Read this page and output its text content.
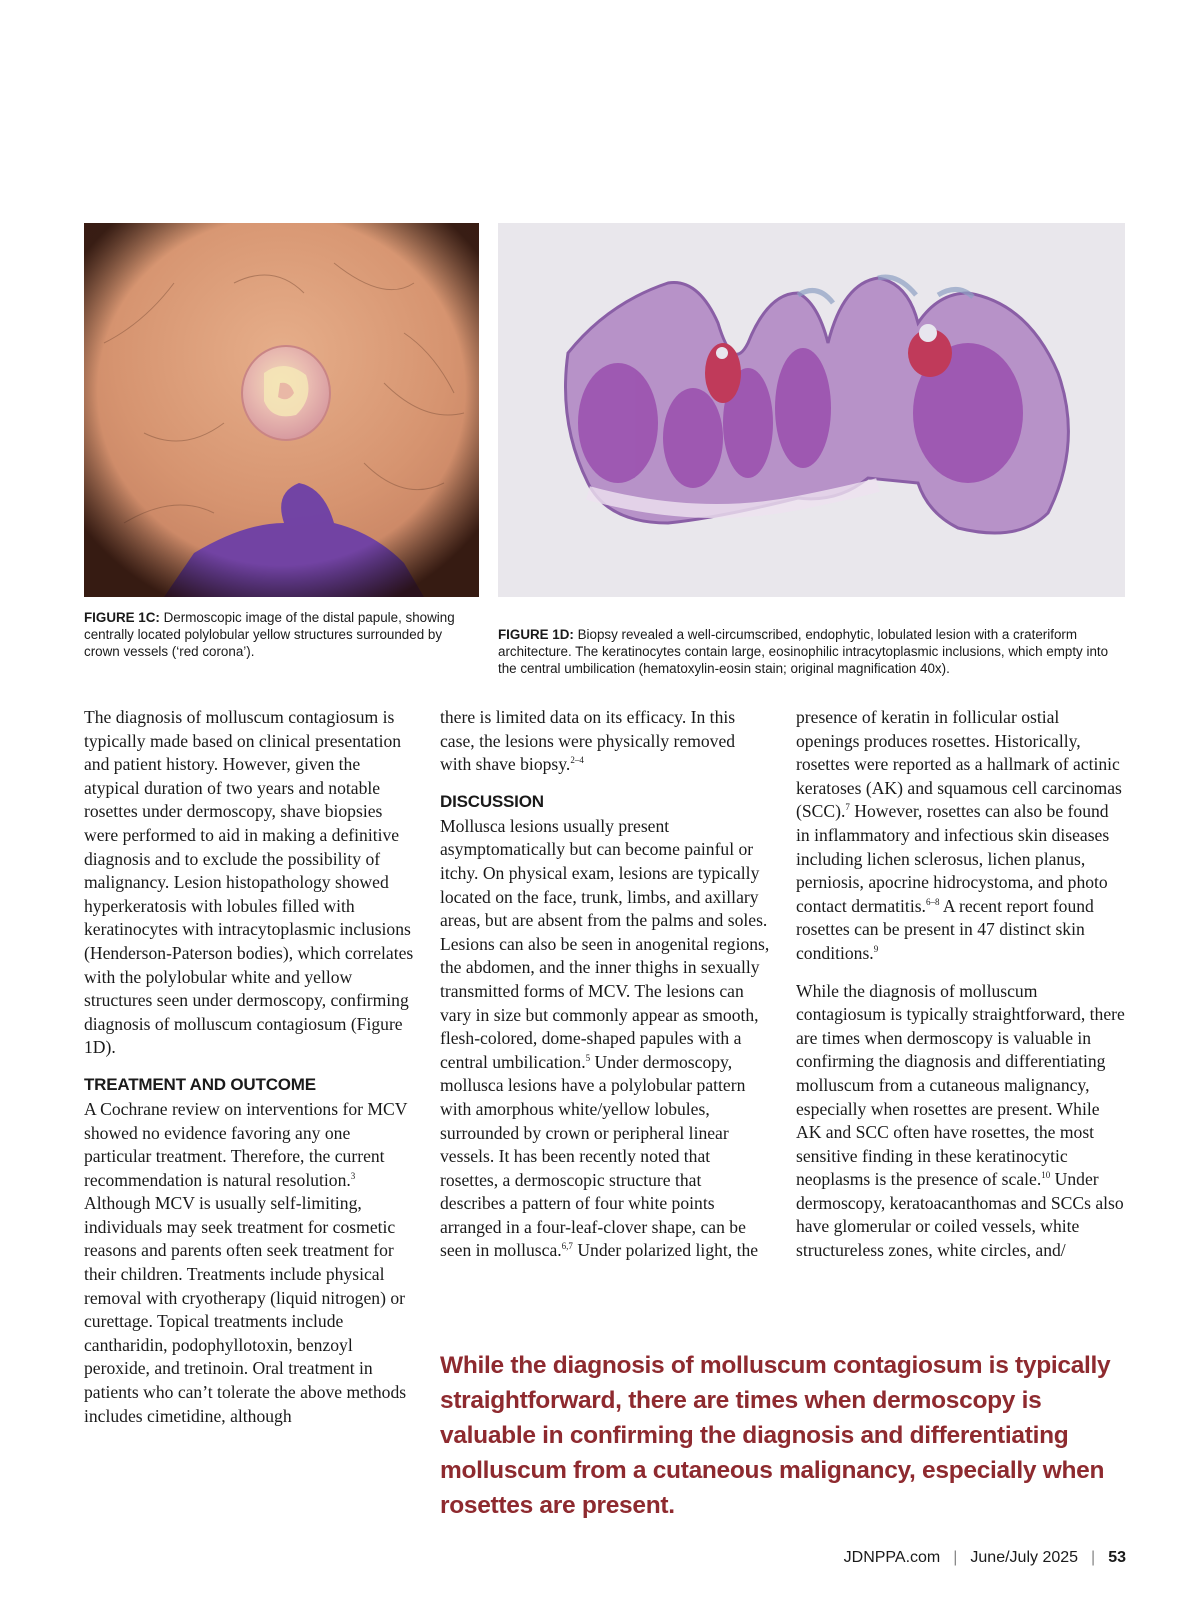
FIGURE 1C: Dermoscopic image of the distal papule, showing centrally located polylobular yellow structures surrounded by crown vessels (‘red corona’).
FIGURE 1D: Biopsy revealed a well-circumscribed, endophytic, lobulated lesion with a crateriform architecture. The keratinocytes contain large, eosinophilic intracytoplasmic inclusions, which empty into the central umbilication (hematoxylin-eosin stain; original magnification 40x).

The diagnosis of molluscum contagiosum is typically made based on clinical presentation and patient history. However, given the atypical duration of two years and notable rosettes under dermoscopy, shave biopsies were performed to aid in making a definitive diagnosis and to exclude the possibility of malignancy. Lesion histopathology showed hyperkeratosis with lobules filled with keratinocytes with intracytoplasmic inclusions (Henderson-Paterson bodies), which correlates with the polylobular white and yellow structures seen under dermoscopy, confirming diagnosis of molluscum contagiosum (Figure 1D).

TREATMENT AND OUTCOME

A Cochrane review on interventions for MCV showed no evidence favoring any one particular treatment. Therefore, the current recommendation is natural resolution.$^3$ Although MCV is usually self-limiting, individuals may seek treatment for cosmetic reasons and parents often seek treatment for their children. Treatments include physical removal with cryotherapy (liquid nitrogen) or curettage. Topical treatments include cantharidin, podophyllotoxin, benzoyl peroxide, and tretinoin. Oral treatment in patients who can’t tolerate the above methods includes cimetidine, although

there is limited data on its efficacy. In this case, the lesions were physically removed with shave biopsy.$^{2-4}$

DISCUSSION

Mollusca lesions usually present asymptomatically but can become painful or itchy. On physical exam, lesions are typically located on the face, trunk, limbs, and axillary areas, but are absent from the palms and soles. Lesions can also be seen in anogenital regions, the abdomen, and the inner thighs in sexually transmitted forms of MCV. The lesions can vary in size but commonly appear as smooth, flesh-colored, dome-shaped papules with a central umbilication.$^5$ Under dermoscopy, mollusca lesions have a polylobular pattern with amorphous white/yellow lobules, surrounded by crown or peripheral linear vessels. It has been recently noted that rosettes, a dermoscopic structure that describes a pattern of four white points arranged in a four-leaf-clover shape, can be seen in mollusca.$^{6,7}$ Under polarized light, the

presence of keratin in follicular ostial openings produces rosettes. Historically, rosettes were reported as a hallmark of actinic keratoses (AK) and squamous cell carcinomas (SCC).$^7$ However, rosettes can also be found in inflammatory and infectious skin diseases including lichen sclerosus, lichen planus, perniosis, apocrine hidrocystoma, and photo contact dermatitis.$^{6-8}$ A recent report found rosettes can be present in 47 distinct skin conditions.$^9$

While the diagnosis of molluscum contagiosum is typically straightforward, there are times when dermoscopy is valuable in confirming the diagnosis and differentiating molluscum from a cutaneous malignancy, especially when rosettes are present. While AK and SCC often have rosettes, the most sensitive finding in these keratinocytic neoplasms is the presence of scale.$^{10}$ Under dermoscopy, keratoacanthomas and SCCs also have glomerular or coiled vessels, white structureless zones, white circles, and/

While the diagnosis of molluscum contagiosum is typically straightforward, there are times when dermoscopy is valuable in confirming the diagnosis and differentiating molluscum from a cutaneous malignancy, especially when rosettes are present.
JDNPPA.com | June/July 2025 | 53
